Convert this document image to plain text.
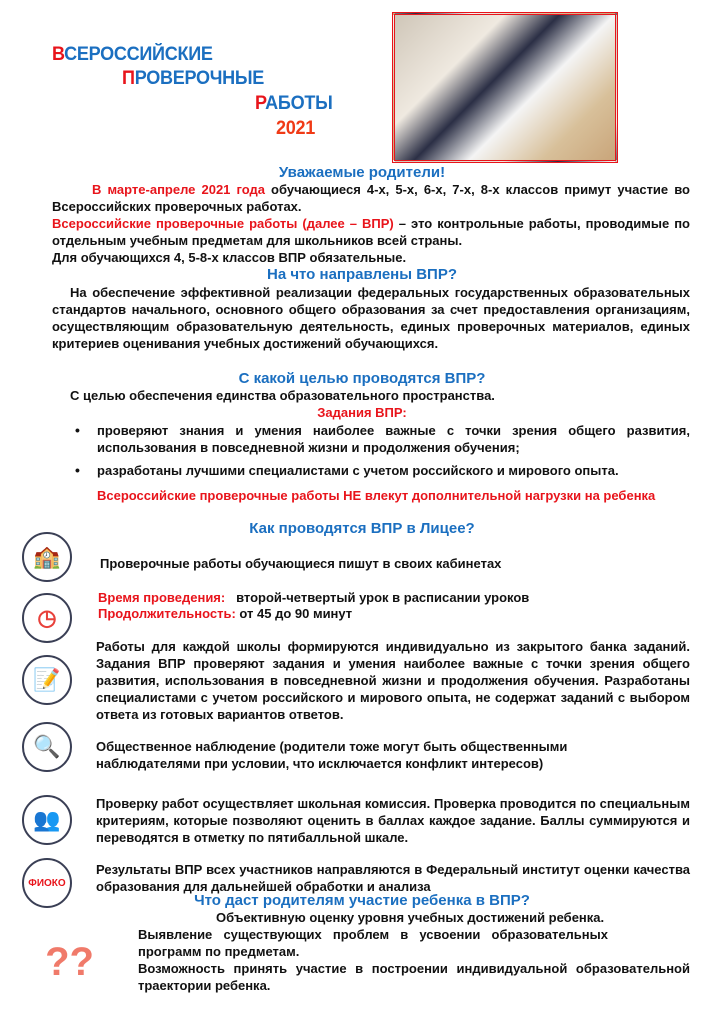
ВСЕРОССИЙСКИЕ
ПРОВЕРОЧНЫЕ
РАБОТЫ
2021
Уважаемые родители!
В марте-апреле 2021 года обучающиеся 4-х, 5-х, 6-х, 7-х, 8-х классов примут участие во Всероссийских проверочных работах.
Всероссийские проверочные работы (далее – ВПР) – это контрольные работы, проводимые по отдельным учебным предметам для школьников всей страны.
Для обучающихся 4, 5-8-х классов ВПР обязательные.
На что направлены ВПР?
На обеспечение эффективной реализации федеральных государственных образовательных стандартов начального, основного общего образования за счет предоставления организациям, осуществляющим образовательную деятельность, единых проверочных материалов, единых критериев оценивания учебных достижений обучающихся.
С какой целью проводятся ВПР?
С целью обеспечения единства образовательного пространства.
Задания ВПР:
• проверяют знания и умения наиболее важные с точки зрения общего развития, использования в повседневной жизни и продолжения обучения;
• разработаны лучшими специалистами с учетом российского и мирового опыта.
Всероссийские проверочные работы НЕ влекут дополнительной нагрузки на ребенка
Как проводятся ВПР в Лицее?
🏫	Проверочные работы обучающиеся пишут в своих кабинетах
◷
Время проведения: второй-четвертый урок в расписании уроков
Продолжительность: от 45 до 90 минут
📝
Работы для каждой школы формируются индивидуально из закрытого банка заданий. Задания ВПР проверяют задания и умения наиболее важные с точки зрения общего развития, использования в повседневной жизни и продолжения обучения. Разработаны специалистами с учетом российского и мирового опыта, не содержат заданий с выбором ответа из готовых вариантов ответов.
🔍	Общественное наблюдение (родители тоже могут быть общественными наблюдателями при условии, что исключается конфликт интересов)
👥
Проверку работ осуществляет школьная комиссия. Проверка проводится по специальным критериям, которые позволяют оценить в баллах каждое задание. Баллы суммируются и переводятся в отметку по пятибалльной шкале.
ФИОКО
Результаты ВПР всех участников направляются в Федеральный институт оценки качества образования для дальнейшей обработки и анализа
Что даст родителям участие ребенка в ВПР?
?‍?
Объективную оценку уровня учебных достижений ребенка.
Выявление существующих проблем в усвоении образовательных программ по предметам.
Возможность принять участие в построении индивидуальной образовательной траектории ребенка.
